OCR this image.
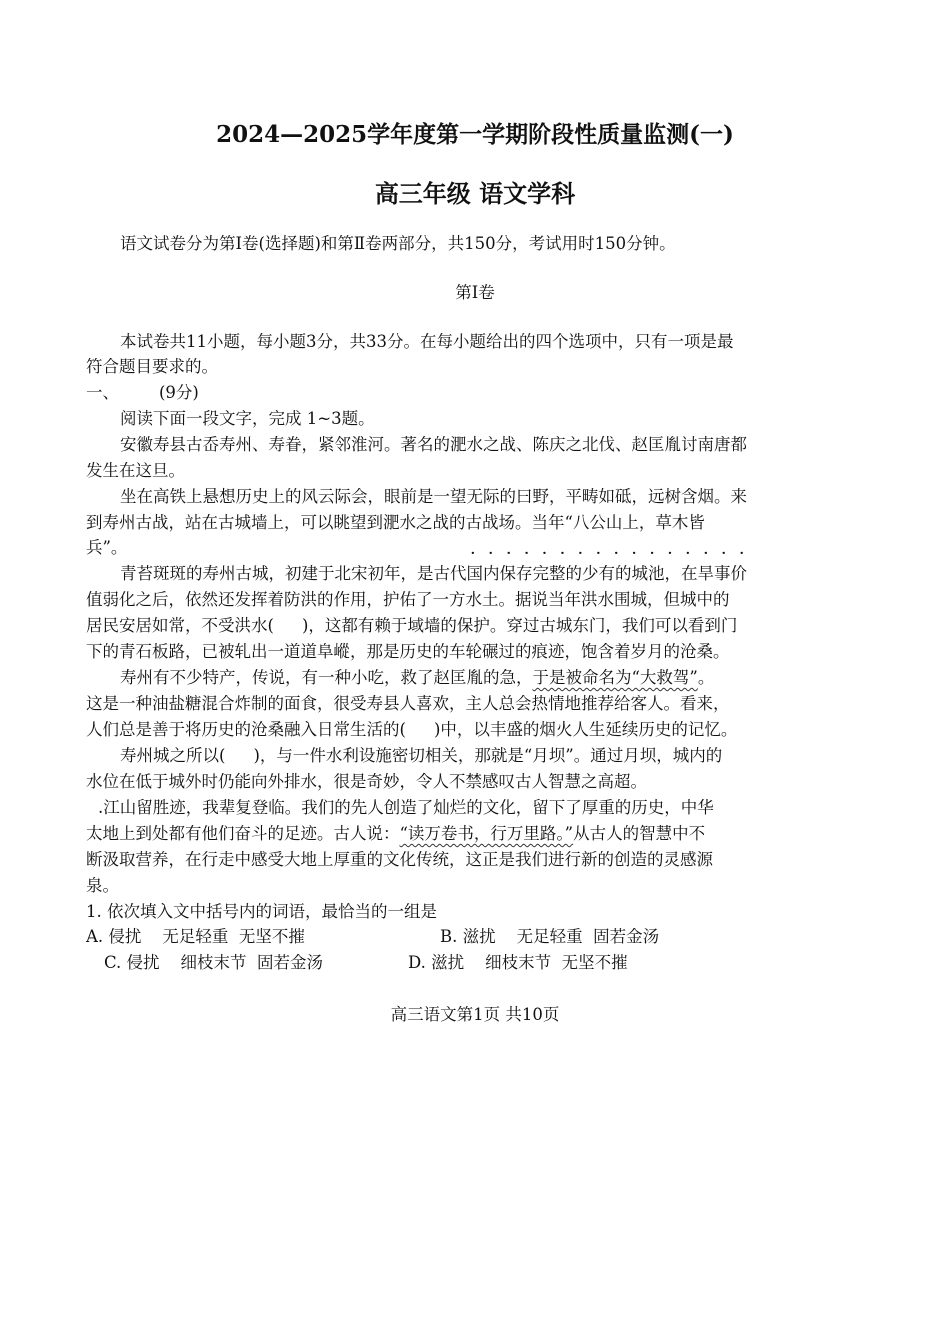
2024—2025学年度第一学期阶段性质量监测(一)
高三年级 语文学科
语文试卷分为第Ⅰ卷(选择题)和第Ⅱ卷两部分，共150分，考试用时150分钟。
第Ⅰ卷
本试卷共11小题，每小题3分，共33分。在每小题给出的四个选项中，只有一项是最
符合题目要求的。
一、 (9分)
阅读下面一段文字，完成 1~3题。
安徽寿县古岙寿州、寿眷，紧邻淮河。著名的淝水之战、陈庆之北伐、赵匡胤讨南唐都
发生在这旦。
坐在高铁上悬想历史上的风云际会，眼前是一望无际的曰野，平畴如砥，远树含烟。来
到寿州古战，站在古城墙上，可以眺望到淝水之战的古战场。当年“八公山上，草木皆
兵”。	················
青苔斑斑的寿州古城，初建于北宋初年，是古代国内保存完整的少有的城池，在旱事价
值弱化之后，依然还发挥着防洪的作用，护佑了一方水土。据说当年洪水围城，但城中的
居民安居如常，不受洪水( )，这都有赖于域墙的保护。穿过古城东门，我们可以看到门
下的青石板路，已被轧出一道道阜嵷，那是历史的车轮碾过的痕迹，饱含着岁月的沧桑。
寿州有不少特产，传说，有一种小吃，救了赵匡胤的急，于是被命名为“大救驾”。
这是一种油盐糖混合炸制的面食，很受寿县人喜欢，主人总会热情地推荐给客人。看来，
人们总是善于将历史的沧桑融入日常生活的( )中，以丰盛的烟火人生延续历史的记忆。
寿州城之所以( )，与一件水利设施密切相关，那就是“月坝”。通过月坝，城内的
水位在低于城外时仍能向外排水，很是奇妙，令人不禁感叹古人智慧之高超。
.江山留胜迹，我辈复登临。我们的先人创造了灿烂的文化，留下了厚重的历史，中华
太地上到处都有他们奋斗的足迹。古人说：“读万卷书，行万里路。”从古人的智慧中不
断汲取营养，在行走中感受大地上厚重的文化传统，这正是我们进行新的创造的灵感源
泉。
1. 依次填入文中括号内的词语，最恰当的一组是
A. 侵扰    无足轻重  无坚不摧	B. 滋扰    无足轻重  固若金汤
C. 侵扰    细枝末节  固若金汤	D. 滋扰    细枝末节  无坚不摧
高三语文第1页 共10页
